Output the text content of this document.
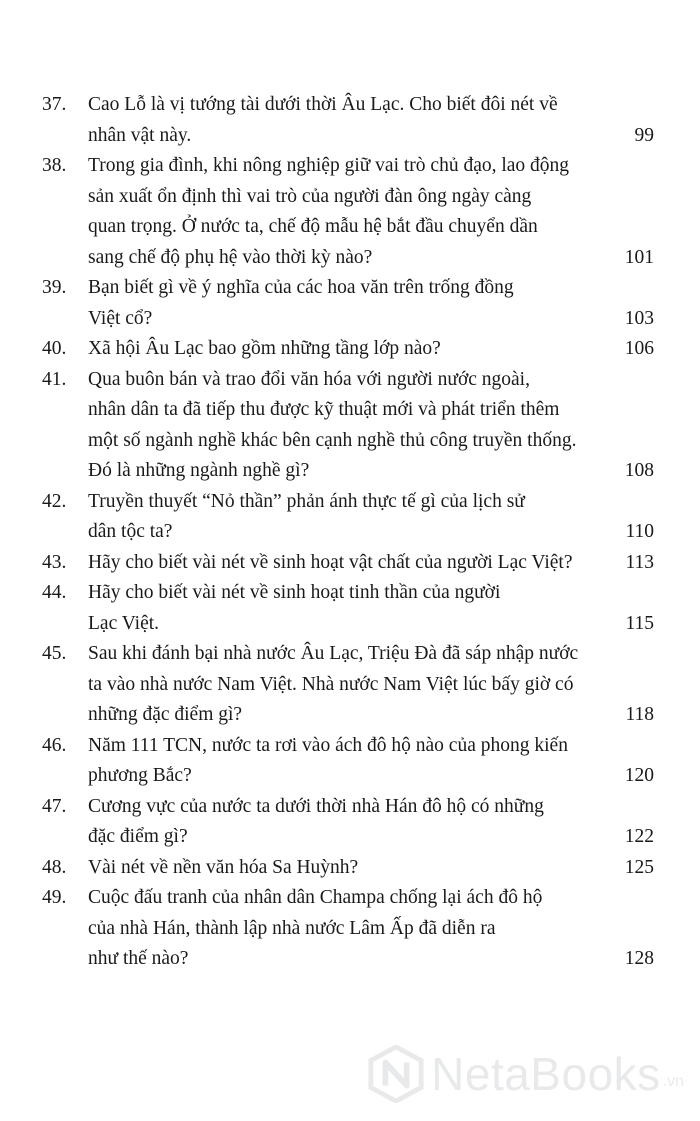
37.	Cao Lỗ là vị tướng tài dưới thời Âu Lạc. Cho biết đôi nét về
nhân vật này.	99
38.	Trong gia đình, khi nông nghiệp giữ vai trò chủ đạo, lao động
sản xuất ổn định thì vai trò của người đàn ông ngày càng
quan trọng. Ở nước ta, chế độ mẫu hệ bắt đầu chuyển dần
sang chế độ phụ hệ vào thời kỳ nào?	101
39.	Bạn biết gì về ý nghĩa của các hoa văn trên trống đồng
Việt cổ?	103
40.	Xã hội Âu Lạc bao gồm những tầng lớp nào?	106
41.	Qua buôn bán và trao đổi văn hóa với người nước ngoài,
nhân dân ta đã tiếp thu được kỹ thuật mới và phát triển thêm
một số ngành nghề khác bên cạnh nghề thủ công truyền thống.
Đó là những ngành nghề gì?	108
42.	Truyền thuyết “Nỏ thần” phản ánh thực tế gì của lịch sử
dân tộc ta?	110
43.	Hãy cho biết vài nét về sinh hoạt vật chất của người Lạc Việt?	113
44.	Hãy cho biết vài nét về sinh hoạt tinh thần của người
Lạc Việt.	115
45.	Sau khi đánh bại nhà nước Âu Lạc, Triệu Đà đã sáp nhập nước
ta vào nhà nước Nam Việt. Nhà nước Nam Việt lúc bấy giờ có
những đặc điểm gì?	118
46.	Năm 111 TCN, nước ta rơi vào ách đô hộ nào của phong kiến
phương Bắc?	120
47.	Cương vực của nước ta dưới thời nhà Hán đô hộ có những
đặc điểm gì?	122
48.	Vài nét về nền văn hóa Sa Huỳnh?	125
49.	Cuộc đấu tranh của nhân dân Champa chống lại ách đô hộ
của nhà Hán, thành lập nhà nước Lâm Ấp đã diễn ra
như thế nào?	128
NetaBooks .vn
